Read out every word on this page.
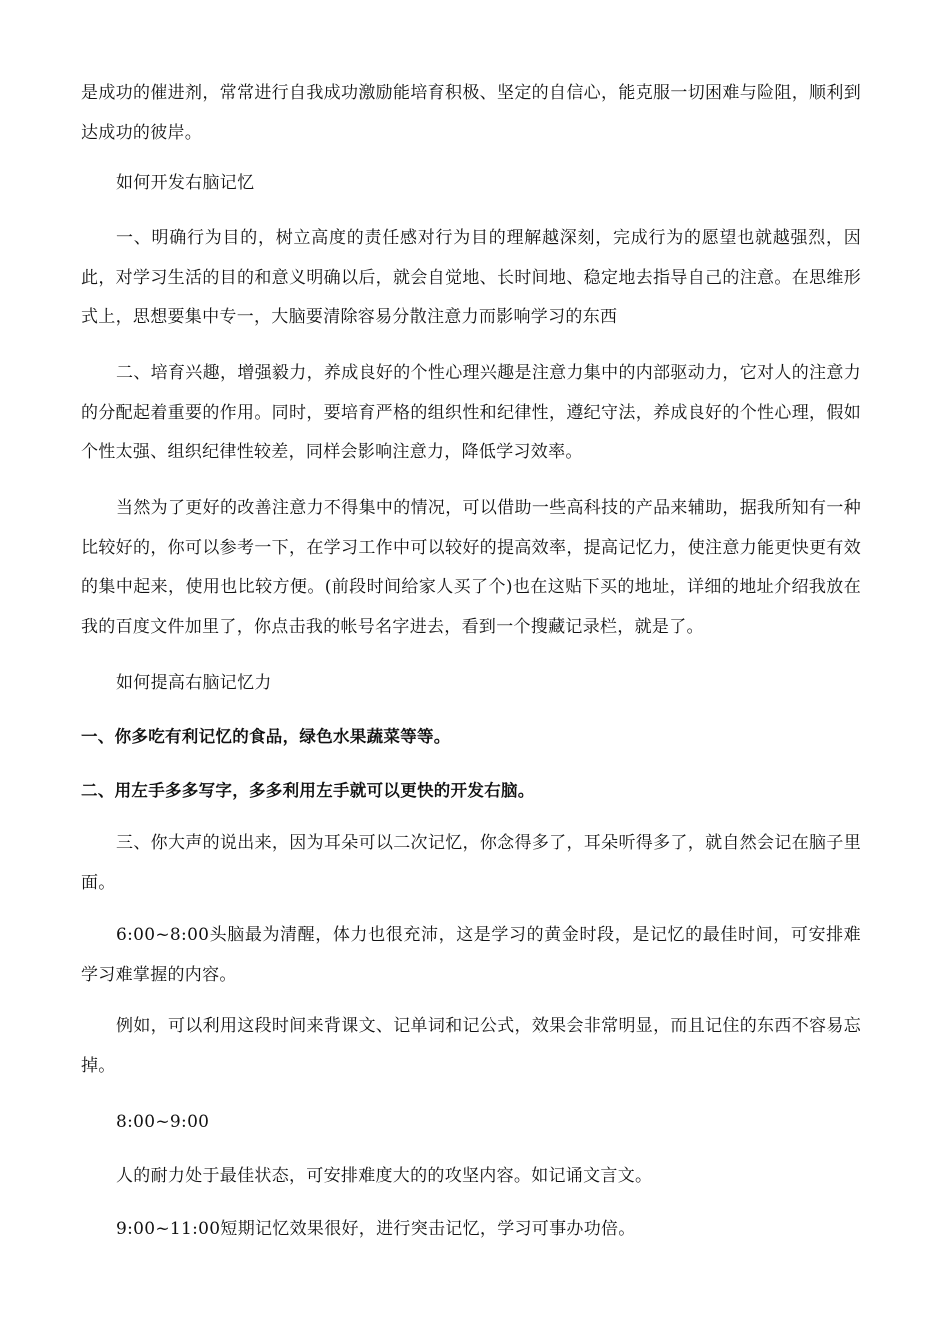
是成功的催进剂，常常进行自我成功激励能培育积极、坚定的自信心，能克服一切困难与险阻，顺利到达成功的彼岸。

如何开发右脑记忆

一、明确行为目的，树立高度的责任感对行为目的理解越深刻，完成行为的愿望也就越强烈，因此，对学习生活的目的和意义明确以后，就会自觉地、长时间地、稳定地去指导自己的注意。在思维形式上，思想要集中专一，大脑要清除容易分散注意力而影响学习的东西

二、培育兴趣，增强毅力，养成良好的个性心理兴趣是注意力集中的内部驱动力，它对人的注意力的分配起着重要的作用。同时，要培育严格的组织性和纪律性，遵纪守法，养成良好的个性心理，假如个性太强、组织纪律性较差，同样会影响注意力，降低学习效率。

当然为了更好的改善注意力不得集中的情况，可以借助一些高科技的产品来辅助，据我所知有一种比较好的，你可以参考一下，在学习工作中可以较好的提高效率，提高记忆力，使注意力能更快更有效的集中起来，使用也比较方便。(前段时间给家人买了个)也在这贴下买的地址，详细的地址介绍我放在我的百度文件加里了，你点击我的帐号名字进去，看到一个搜藏记录栏，就是了。

如何提高右脑记忆力

一、你多吃有利记忆的食品，绿色水果蔬菜等等。

二、用左手多多写字，多多利用左手就可以更快的开发右脑。

三、你大声的说出来，因为耳朵可以二次记忆，你念得多了，耳朵听得多了，就自然会记在脑子里面。

6:00~8:00头脑最为清醒，体力也很充沛，这是学习的黄金时段，是记忆的最佳时间，可安排难学习难掌握的内容。

例如，可以利用这段时间来背课文、记单词和记公式，效果会非常明显，而且记住的东西不容易忘掉。

8:00~9:00

人的耐力处于最佳状态，可安排难度大的的攻坚内容。如记诵文言文。

9:00~11:00短期记忆效果很好，进行突击记忆，学习可事办功倍。
